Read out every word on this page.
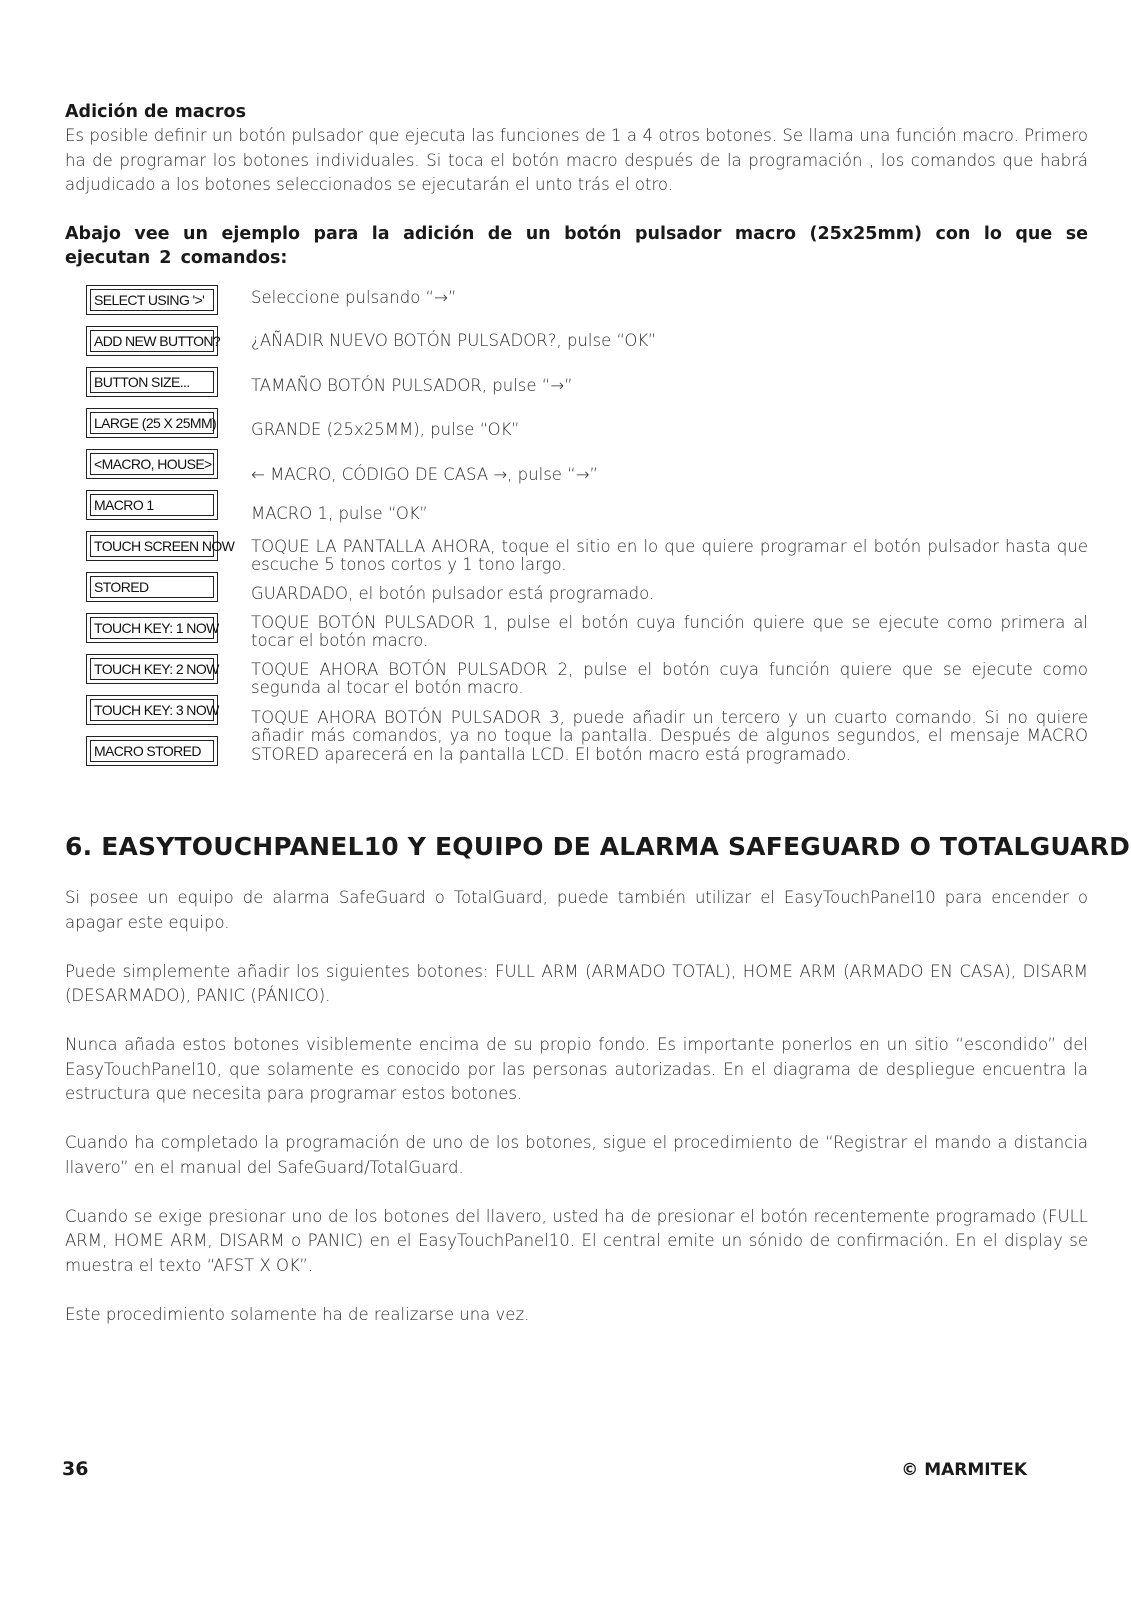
Adición de macros

Es posible definir un botón pulsador que ejecuta las funciones de 1 a 4 otros botones. Se llama una función macro. Primero ha de programar los botones individuales. Si toca el botón macro después de la programación , los comandos que habrá adjudicado a los botones seleccionados se ejecutarán el unto trás el otro.

Abajo vee un ejemplo para la adición de un botón pulsador macro (25x25mm) con lo que se ejecutan 2 comandos:

SELECT USING '>'
ADD NEW BUTTON?
BUTTON SIZE...
LARGE (25 X 25MM)
<MACRO, HOUSE>
MACRO 1
TOUCH SCREEN NOW
STORED
TOUCH KEY: 1 NOW
TOUCH KEY: 2 NOW
TOUCH KEY: 3 NOW
MACRO STORED
Seleccione pulsando “→”
¿AÑADIR NUEVO BOTÓN PULSADOR?, pulse “OK”
TAMAÑO BOTÓN PULSADOR, pulse “→”
GRANDE (25x25MM), pulse “OK”
← MACRO, CÓDIGO DE CASA →, pulse “→”
MACRO 1, pulse “OK”
TOQUE LA PANTALLA AHORA, toque el sitio en lo que quiere programar el botón pulsador hasta que escuche 5 tonos cortos y 1 tono largo.
GUARDADO, el botón pulsador está programado.
TOQUE BOTÓN PULSADOR 1, pulse el botón cuya función quiere que se ejecute como primera al tocar el botón macro.
TOQUE AHORA BOTÓN PULSADOR 2, pulse el botón cuya función quiere que se ejecute como segunda al tocar el botón macro.
TOQUE AHORA BOTÓN PULSADOR 3, puede añadir un tercero y un cuarto comando. Si no quiere añadir más comandos, ya no toque la pantalla. Después de algunos segundos, el mensaje MACRO STORED aparecerá en la pantalla LCD. El botón macro está programado.
6. EASYTOUCHPANEL10 Y EQUIPO DE ALARMA SAFEGUARD O TOTALGUARD

Si posee un equipo de alarma SafeGuard o TotalGuard, puede también utilizar el EasyTouchPanel10 para encender o apagar este equipo.

Puede simplemente añadir los siguientes botones: FULL ARM (ARMADO TOTAL), HOME ARM (ARMADO EN CASA), DISARM (DESARMADO), PANIC (PÁNICO).

Nunca añada estos botones visiblemente encima de su propio fondo. Es importante ponerlos en un sitio “escondido” del EasyTouchPanel10, que solamente es conocido por las personas autorizadas. En el diagrama de despliegue encuentra la estructura que necesita para programar estos botones.

Cuando ha completado la programación de uno de los botones, sigue el procedimiento de “Registrar el mando a distancia llavero” en el manual del SafeGuard/TotalGuard.

Cuando se exige presionar uno de los botones del llavero, usted ha de presionar el botón recentemente programado (FULL ARM, HOME ARM, DISARM o PANIC) en el EasyTouchPanel10. El central emite un sónido de confirmación. En el display se muestra el texto “AFST X OK”.

Este procedimiento solamente ha de realizarse una vez.

36	© MARMITEK
